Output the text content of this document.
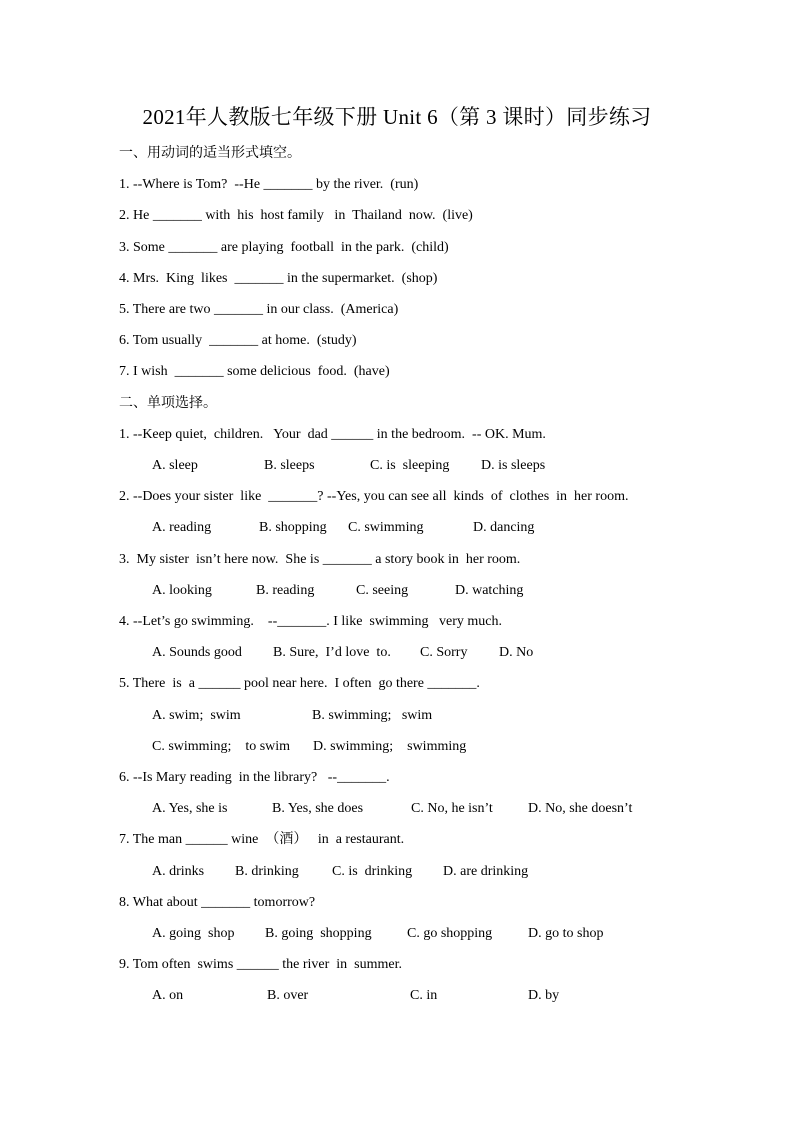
2021年人教版七年级下册 Unit 6（第 3 课时）同步练习
一、用动词的适当形式填空。
1. --Where is Tom?  --He _______ by the river.  (run)
2. He _______ with  his  host family   in  Thailand  now.  (live)
3. Some _______ are playing  football  in the park.  (child)
4. Mrs.  King  likes  _______ in the supermarket.  (shop)
5. There are two _______ in our class.  (America)
6. Tom usually  _______ at home.  (study)
7. I wish  _______ some delicious  food.  (have)
二、单项选择。
1. --Keep quiet,  children.   Your  dad ______ in the bedroom.  -- OK. Mum.
A. sleep	B. sleeps	C. is  sleeping D. is sleeps
2. --Does your sister  like  _______? --Yes, you can see all  kinds  of  clothes  in  her room.
A. reading	B. shopping C. swimming	D. dancing
3.  My sister  isn’t here now.  She is _______ a story book in  her room.
A. looking	B. reading	C. seeing	D. watching
4. --Let’s go swimming.    --_______. I like  swimming   very much.
A. Sounds good B. Sure,  I’d love  to. C. Sorry D. No
5. There  is  a ______ pool near here.  I often  go there _______.
A. swim;  swim	B. swimming;   swim
C. swimming;    to swim D. swimming;    swimming
6. --Is Mary reading  in the library?   --_______.
A. Yes, she is	B. Yes, she does	C. No, he isn’t	D. No, she doesn’t
7. The man ______ wine  （酒）   in  a restaurant.
A. drinks B. drinking C. is  drinking D. are drinking
8. What about _______ tomorrow?
A. going  shop B. going  shopping	C. go shopping	D. go to shop
9. Tom often  swims ______ the river  in  summer.
A. on	B. over	C. in	D. by
